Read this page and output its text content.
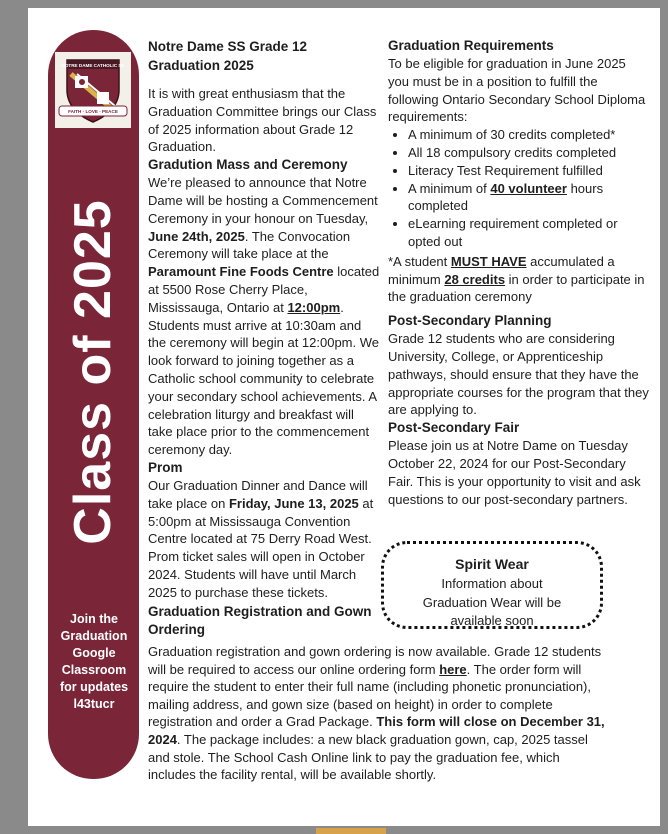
NOTRE DAME CATHOLIC SS
FAITH · LOVE · PEACE
Class of 2025
Join the
Graduation
Google
Classroom
for updates
l43tucr
Notre Dame SS Grade 12
Graduation 2025

It is with great enthusiasm that the Graduation Committee brings our Class of 2025 information about Grade 12 Graduation.

Gradution Mass and Ceremony

We’re pleased to announce that Notre Dame will be hosting a Commencement Ceremony in your honour on Tuesday, June 24th, 2025. The Convocation Ceremony will take place at the Paramount Fine Foods Centre located at 5500 Rose Cherry Place, Mississauga, Ontario at 12:00pm. Students must arrive at 10:30am and the ceremony will begin at 12:00pm. We look forward to joining together as a Catholic school community to celebrate your secondary school achievements. A celebration liturgy and breakfast will take place prior to the commencement ceremony day.

Prom

Our Graduation Dinner and Dance will take place on Friday, June 13, 2025 at 5:00pm at Mississauga Convention Centre located at 75 Derry Road West.

Prom ticket sales will open in October 2024. Students will have until March 2025 to purchase these tickets.

Graduation Registration and Gown Ordering
Graduation Requirements

To be eligible for graduation in June 2025 you must be in a position to fulfill the following Ontario Secondary School Diploma requirements:

• A minimum of 30 credits completed*
• All 18 compulsory credits completed
• Literacy Test Requirement fulfilled
• A minimum of 40 volunteer hours completed
• eLearning requirement completed or opted out

*A student MUST HAVE accumulated a minimum 28 credits in order to participate in the graduation ceremony

Post-Secondary Planning

Grade 12 students who are considering University, College, or Apprenticeship pathways, should ensure that they have the appropriate courses for the program that they are applying to.

Post-Secondary Fair

Please join us at Notre Dame on Tuesday October 22, 2024 for our Post-Secondary Fair. This is your opportunity to visit and ask questions to our post-secondary partners.

Spirit Wear
Information about
Graduation Wear will be
available soon

Graduation registration and gown ordering is now available. Grade 12 students will be required to access our online ordering form here. The order form will require the student to enter their full name (including phonetic pronunciation), mailing address, and gown size (based on height) in order to complete registration and order a Grad Package. This form will close on December 31, 2024. The package includes: a new black graduation gown, cap, 2025 tassel and stole. The School Cash Online link to pay the graduation fee, which includes the facility rental, will be available shortly.
